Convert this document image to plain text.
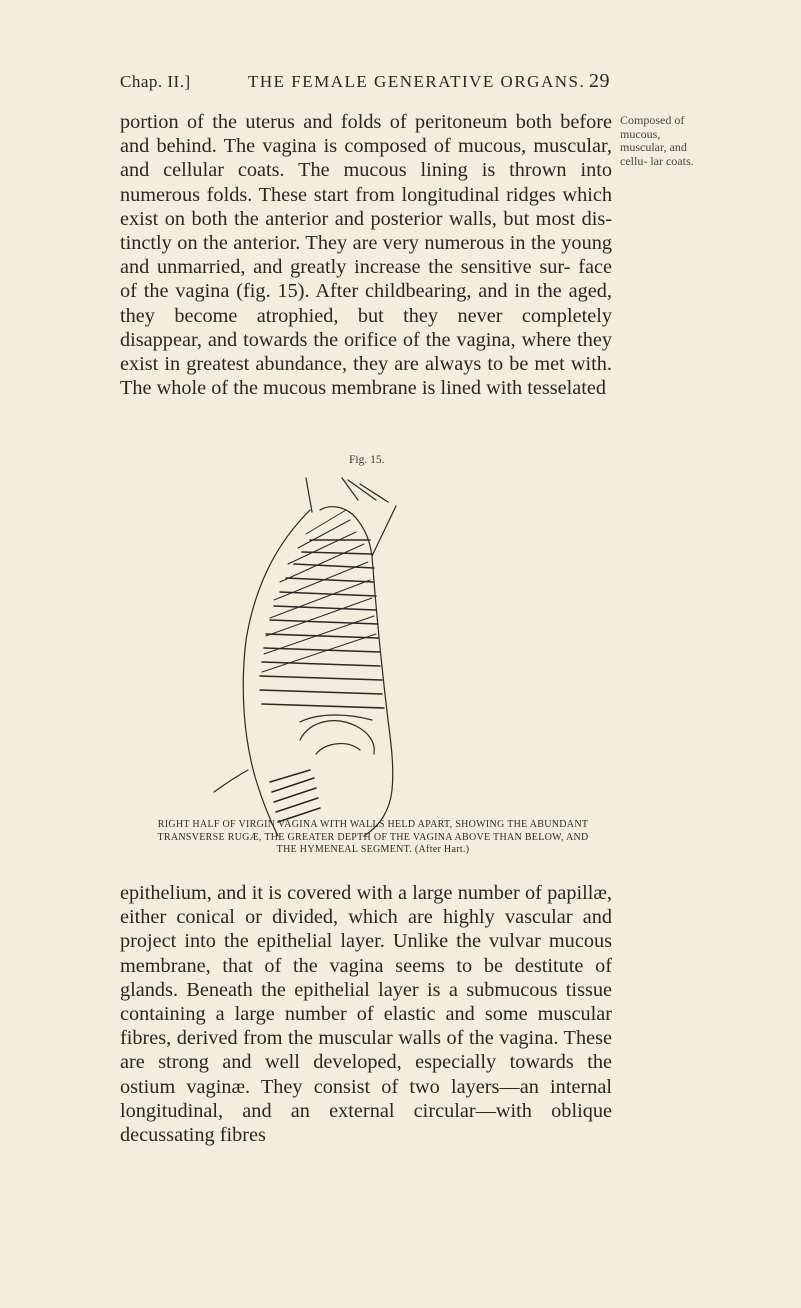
Chap. II.]	THE FEMALE GENERATIVE ORGANS. 29
portion of the uterus and folds of peritoneum both before and behind. The vagina is composed of mucous, muscular, and cellular coats. The mucous lining is thrown into numerous folds. These start from longitudinal ridges which exist on both the anterior and posterior walls, but most dis- tinctly on the anterior. They are very numerous in the young and unmarried, and greatly increase the sensitive sur- face of the vagina (fig. 15). After childbearing, and in the aged, they become atrophied, but they never completely disappear, and towards the orifice of the vagina, where they exist in greatest abundance, they are always to be met with. The whole of the mucous membrane is lined with tesselated
Composed of mucous, muscular, and cellu- lar coats.
Fig. 15.
RIGHT HALF OF VIRGIN VAGINA WITH WALLS HELD APART, SHOWING THE ABUNDANT TRANSVERSE RUGÆ, THE GREATER DEPTH OF THE VAGINA ABOVE THAN BELOW, AND THE HYMENEAL SEGMENT. (After Hart.)
epithelium, and it is covered with a large number of papillæ, either conical or divided, which are highly vascular and project into the epithelial layer. Unlike the vulvar mucous membrane, that of the vagina seems to be destitute of glands. Beneath the epithelial layer is a submucous tissue containing a large number of elastic and some muscular fibres, derived from the muscular walls of the vagina. These are strong and well developed, especially towards the ostium vaginæ. They consist of two layers—an internal longitudinal, and an external circular—with oblique decussating fibres
